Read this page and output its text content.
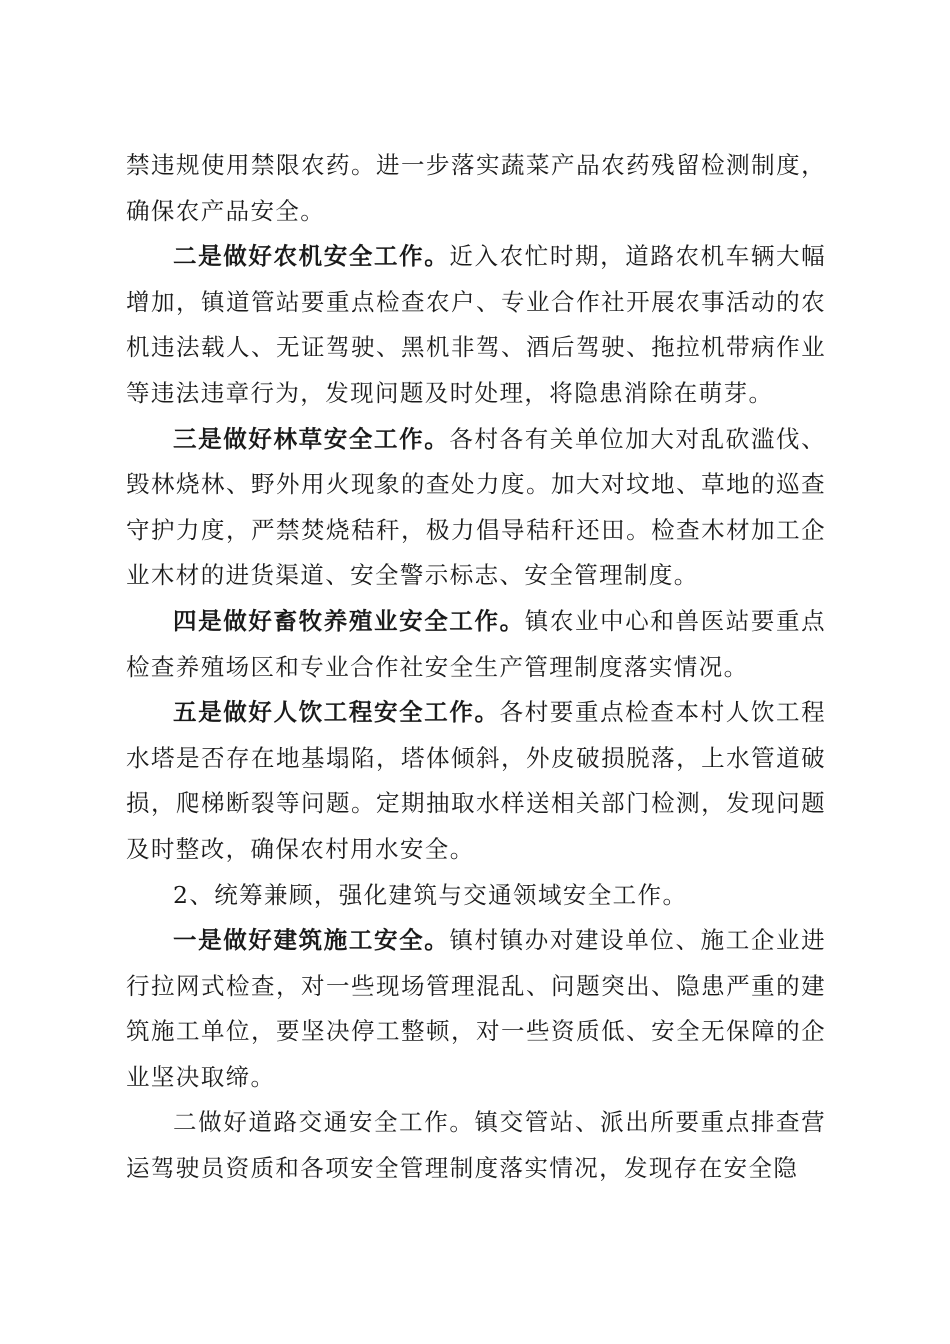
禁违规使用禁限农药。进一步落实蔬菜产品农药残留检测制度，确保农产品安全。

二是做好农机安全工作。近入农忙时期，道路农机车辆大幅增加，镇道管站要重点检查农户、专业合作社开展农事活动的农机违法载人、无证驾驶、黑机非驾、酒后驾驶、拖拉机带病作业等违法违章行为，发现问题及时处理，将隐患消除在萌芽。

三是做好林草安全工作。各村各有关单位加大对乱砍滥伐、毁林烧林、野外用火现象的查处力度。加大对坟地、草地的巡查守护力度，严禁焚烧秸秆，极力倡导秸秆还田。检查木材加工企业木材的进货渠道、安全警示标志、安全管理制度。

四是做好畜牧养殖业安全工作。镇农业中心和兽医站要重点检查养殖场区和专业合作社安全生产管理制度落实情况。

五是做好人饮工程安全工作。各村要重点检查本村人饮工程水塔是否存在地基塌陷，塔体倾斜，外皮破损脱落，上水管道破损，爬梯断裂等问题。定期抽取水样送相关部门检测，发现问题及时整改，确保农村用水安全。

2、统筹兼顾，强化建筑与交通领域安全工作。

一是做好建筑施工安全。镇村镇办对建设单位、施工企业进行拉网式检查，对一些现场管理混乱、问题突出、隐患严重的建筑施工单位，要坚决停工整顿，对一些资质低、安全无保障的企业坚决取缔。

二做好道路交通安全工作。镇交管站、派出所要重点排查营运驾驶员资质和各项安全管理制度落实情况，发现存在安全隐
